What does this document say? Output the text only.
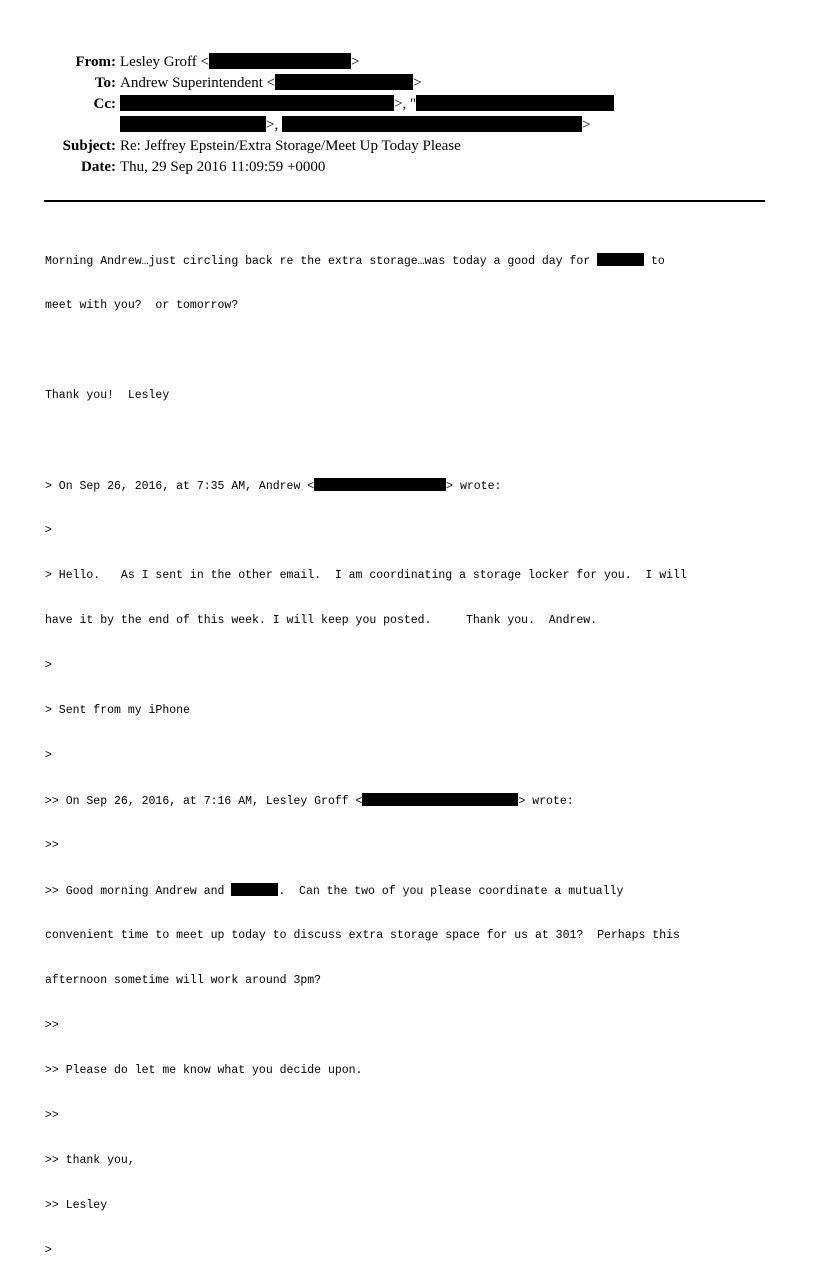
From: Lesley Groff <	>
To: Andrew Superintendent <	>
Cc:	>, "
>,	>
Subject: Re: Jeffrey Epstein/Extra Storage/Meet Up Today Please
Date: Thu, 29 Sep 2016 11:09:59 +0000

Morning Andrew…just circling back re the extra storage…was today a good day for	to

meet with you?  or tomorrow?

Thank you!  Lesley

> On Sep 26, 2016, at 7:35 AM, Andrew <	> wrote:

>

> Hello.   As I sent in the other email.  I am coordinating a storage locker for you.  I will

have it by the end of this week. I will keep you posted.     Thank you.  Andrew.

>

> Sent from my iPhone

>

>> On Sep 26, 2016, at 7:16 AM, Lesley Groff <	> wrote:

>>

>> Good morning Andrew and	.  Can the two of you please coordinate a mutually

convenient time to meet up today to discuss extra storage space for us at 301?  Perhaps this

afternoon sometime will work around 3pm?

>>

>> Please do let me know what you decide upon.

>>

>> thank you,

>> Lesley

>
